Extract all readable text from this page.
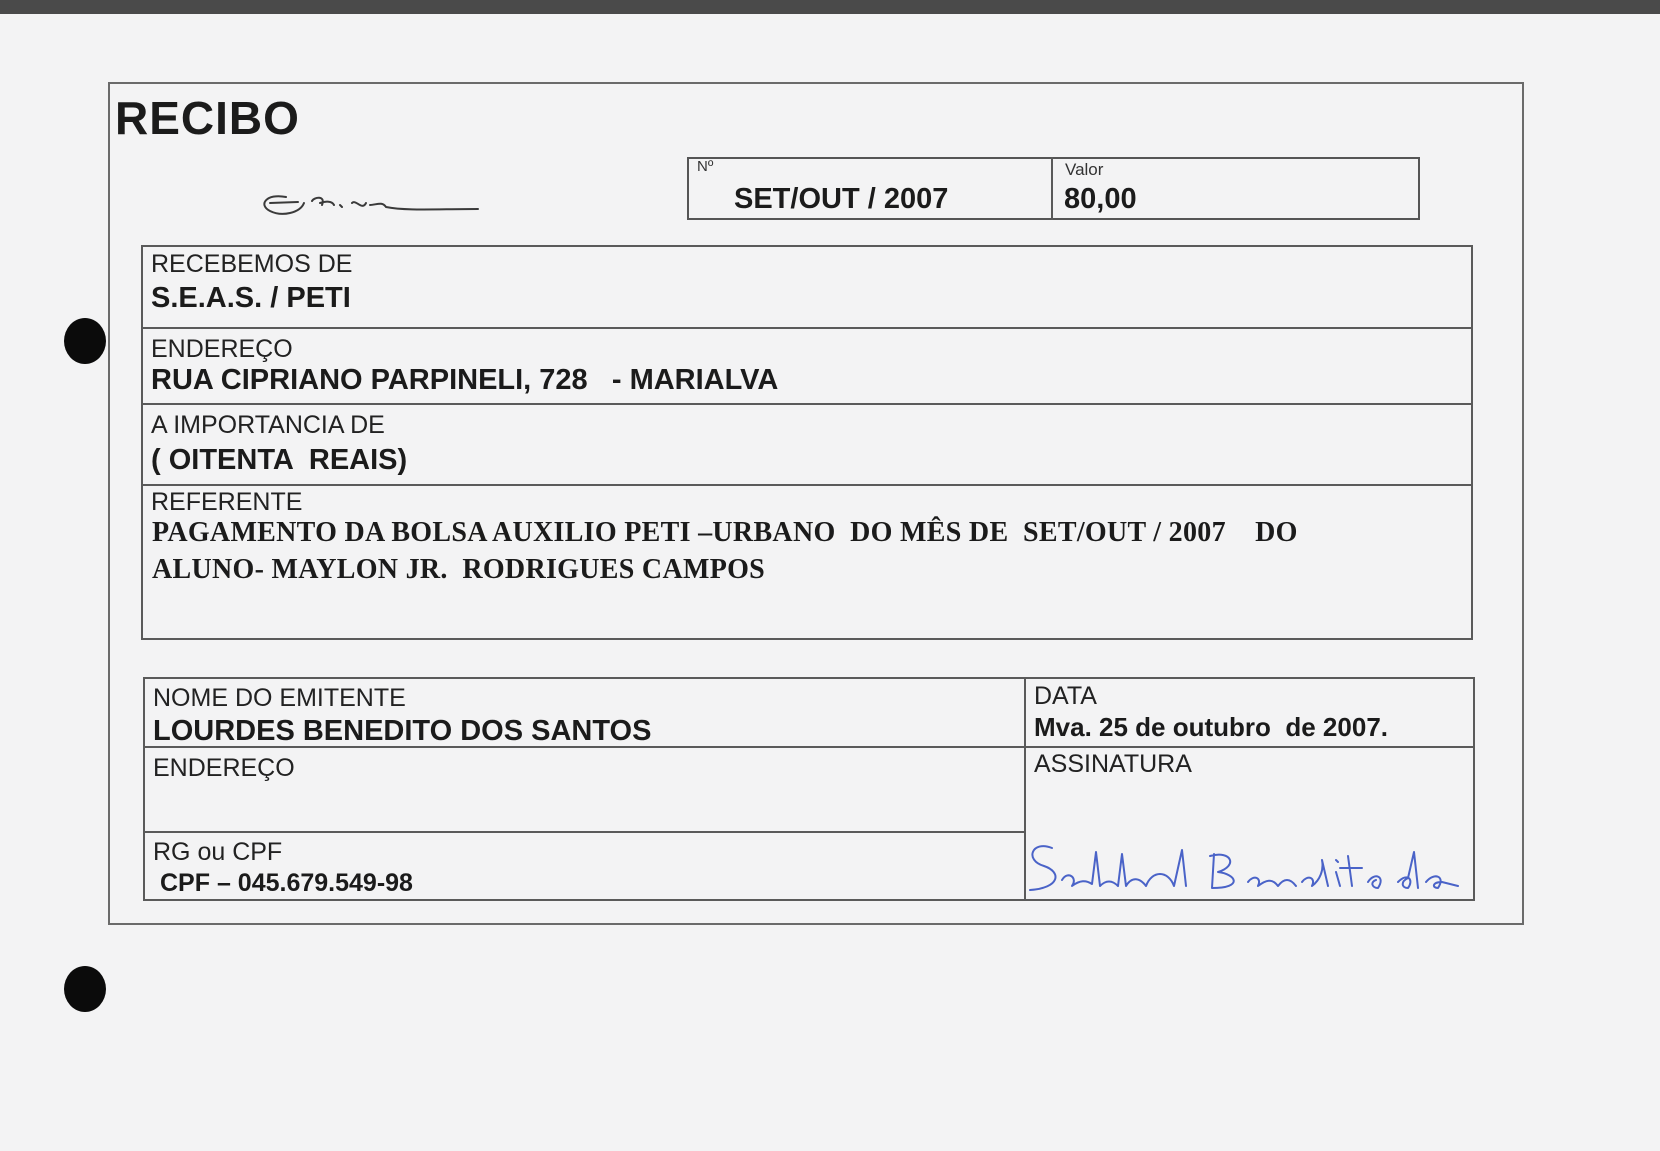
RECIBO
Nº
SET/OUT / 2007
Valor
80,00
RECEBEMOS DE
S.E.A.S. / PETI
ENDEREÇO
RUA CIPRIANO PARPINELI, 728   - MARIALVA
A IMPORTANCIA DE
( OITENTA  REAIS)
REFERENTE
PAGAMENTO DA BOLSA AUXILIO PETI –URBANO  DO MÊS DE  SET/OUT / 2007    DO
ALUNO- MAYLON JR.  RODRIGUES CAMPOS
NOME DO EMITENTE
LOURDES BENEDITO DOS SANTOS
DATA
Mva. 25 de outubro  de 2007.
ENDEREÇO	ASSINATURA
RG ou CPF
CPF – 045.679.549-98
